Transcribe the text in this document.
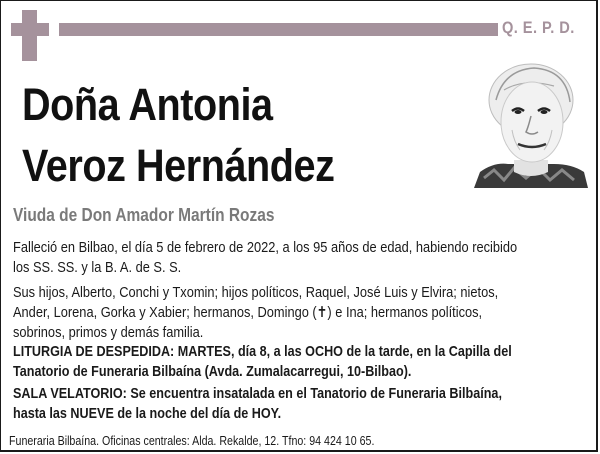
Q. E. P. D.
Doña Antonia
Veroz Hernández
Viuda de Don Amador Martín Rozas
Falleció en Bilbao, el día 5 de febrero de 2022, a los 95 años de edad, habiendo recibido
los SS. SS. y la B. A. de S. S.
Sus hijos, Alberto, Conchi y Txomin; hijos políticos, Raquel, José Luis y Elvira; nietos,
Ander, Lorena, Gorka y Xabier; hermanos, Domingo (✝) e Ina; hermanos políticos,
sobrinos, primos y demás familia.
LITURGIA DE DESPEDIDA: MARTES, día 8, a las OCHO de la tarde, en la Capilla del
Tanatorio de Funeraria Bilbaína (Avda. Zumalacarregui, 10-Bilbao).
SALA VELATORIO: Se encuentra insatalada en el Tanatorio de Funeraria Bilbaína,
hasta las NUEVE de la noche del día de HOY.
Funeraria Bilbaína. Oficinas centrales: Alda. Rekalde, 12. Tfno: 94 424 10 65.
